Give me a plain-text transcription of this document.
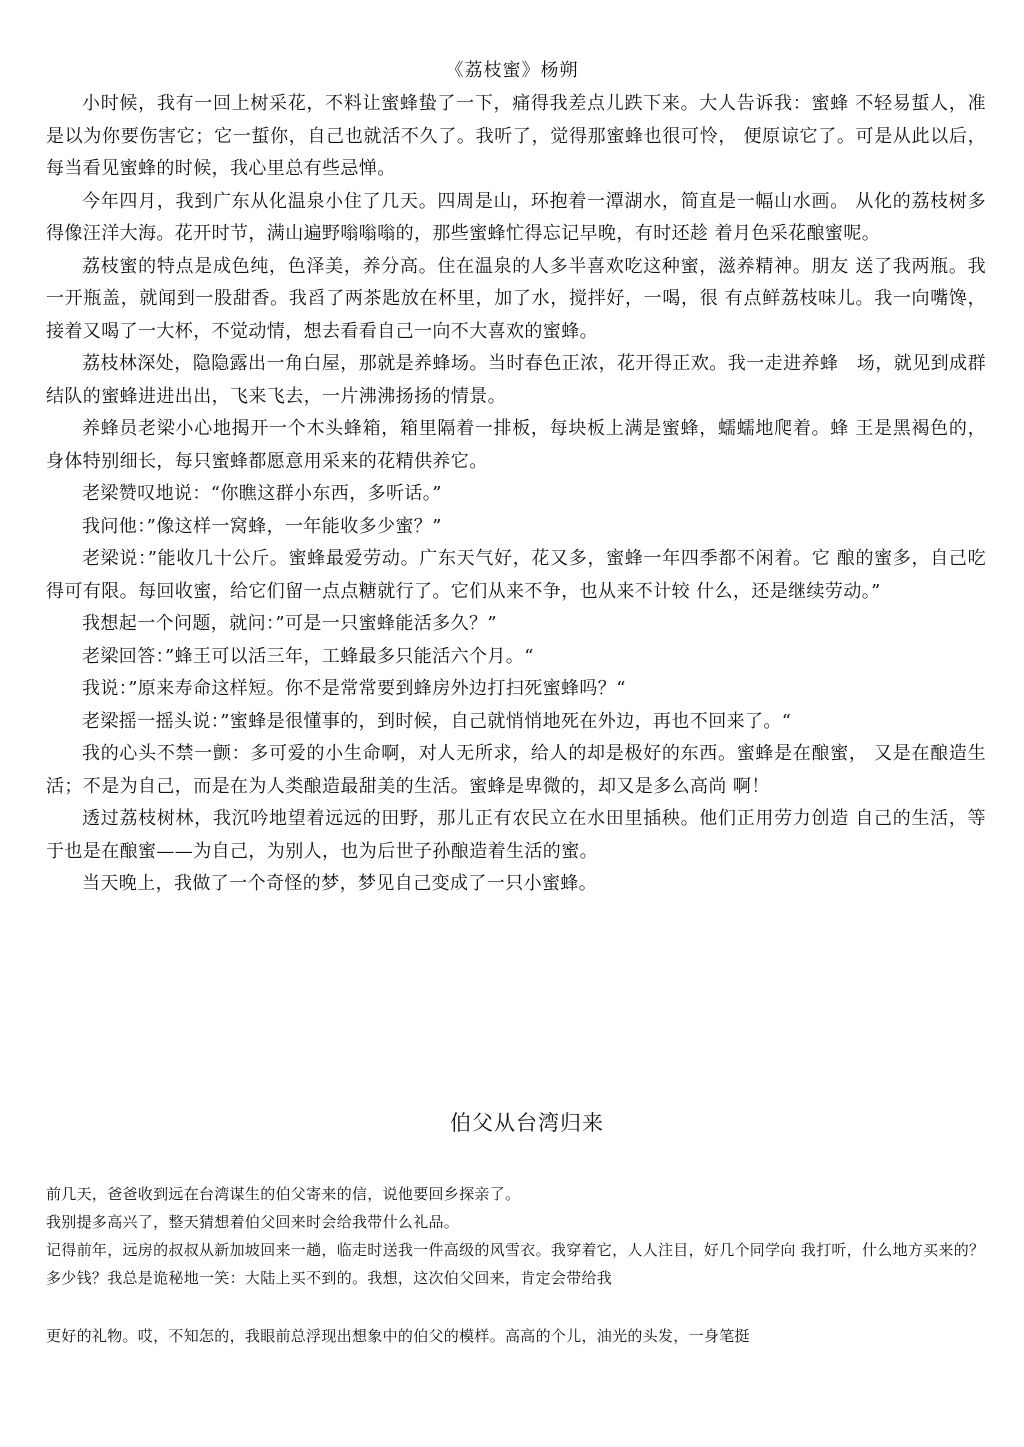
《荔枝蜜》杨朔

小时候，我有一回上树采花，不料让蜜蜂蛰了一下，痛得我差点儿跌下来。大人告诉我：蜜蜂 不轻易蜇人，准是以为你要伤害它；它一蜇你，自己也就活不久了。我听了，觉得那蜜蜂也很可怜， 便原谅它了。可是从此以后，每当看见蜜蜂的时候，我心里总有些忌惮。

今年四月，我到广东从化温泉小住了几天。四周是山，环抱着一潭湖水，简直是一幅山水画。 从化的荔枝树多得像汪洋大海。花开时节，满山遍野嗡嗡嗡的，那些蜜蜂忙得忘记早晚，有时还趁 着月色采花酿蜜呢。

荔枝蜜的特点是成色纯，色泽美，养分高。住在温泉的人多半喜欢吃这种蜜，滋养精神。朋友 送了我两瓶。我一开瓶盖，就闻到一股甜香。我舀了两茶匙放在杯里，加了水，搅拌好，一喝，很 有点鲜荔枝味儿。我一向嘴馋，接着又喝了一大杯，不觉动情，想去看看自己一向不大喜欢的蜜蜂。

荔枝林深处，隐隐露出一角白屋，那就是养蜂场。当时春色正浓，花开得正欢。我一走进养蜂　场，就见到成群结队的蜜蜂进进出出，飞来飞去，一片沸沸扬扬的情景。

养蜂员老梁小心地揭开一个木头蜂箱，箱里隔着一排板，每块板上满是蜜蜂，蠕蠕地爬着。蜂 王是黑褐色的，身体特别细长，每只蜜蜂都愿意用采来的花精供养它。

老梁赞叹地说：“你瞧这群小东西，多听话。”

我问他：”像这样一窝蜂，一年能收多少蜜？”

老梁说：”能收几十公斤。蜜蜂最爱劳动。广东天气好，花又多，蜜蜂一年四季都不闲着。它 酿的蜜多，自己吃得可有限。每回收蜜，给它们留一点点糖就行了。它们从来不争，也从来不计较 什么，还是继续劳动。”

我想起一个问题，就问：”可是一只蜜蜂能活多久？”

老梁回答：”蜂王可以活三年，工蜂最多只能活六个月。“

我说：”原来寿命这样短。你不是常常要到蜂房外边打扫死蜜蜂吗？“

老梁摇一摇头说：”蜜蜂是很懂事的，到时候，自己就悄悄地死在外边，再也不回来了。“

我的心头不禁一颤：多可爱的小生命啊，对人无所求，给人的却是极好的东西。蜜蜂是在酿蜜， 又是在酿造生活；不是为自己，而是在为人类酿造最甜美的生活。蜜蜂是卑微的，却又是多么高尚 啊！

透过荔枝树林，我沉吟地望着远远的田野，那儿正有农民立在水田里插秧。他们正用劳力创造 自己的生活，等于也是在酿蜜——为自己，为别人，也为后世子孙酿造着生活的蜜。

当天晚上，我做了一个奇怪的梦，梦见自己变成了一只小蜜蜂。

伯父从台湾归来

前几天，爸爸收到远在台湾谋生的伯父寄来的信，说他要回乡探亲了。

我别提多高兴了，整天猜想着伯父回来时会给我带什么礼品。

记得前年，远房的叔叔从新加坡回来一趟，临走时送我一件高级的风雪衣。我穿着它，人人注目，好几个同学向 我打听，什么地方买来的？多少钱？我总是诡秘地一笑：大陆上买不到的。我想，这次伯父回来，肯定会带给我

更好的礼物。哎，不知怎的，我眼前总浮现出想象中的伯父的模样。高高的个儿，油光的头发，一身笔挺
